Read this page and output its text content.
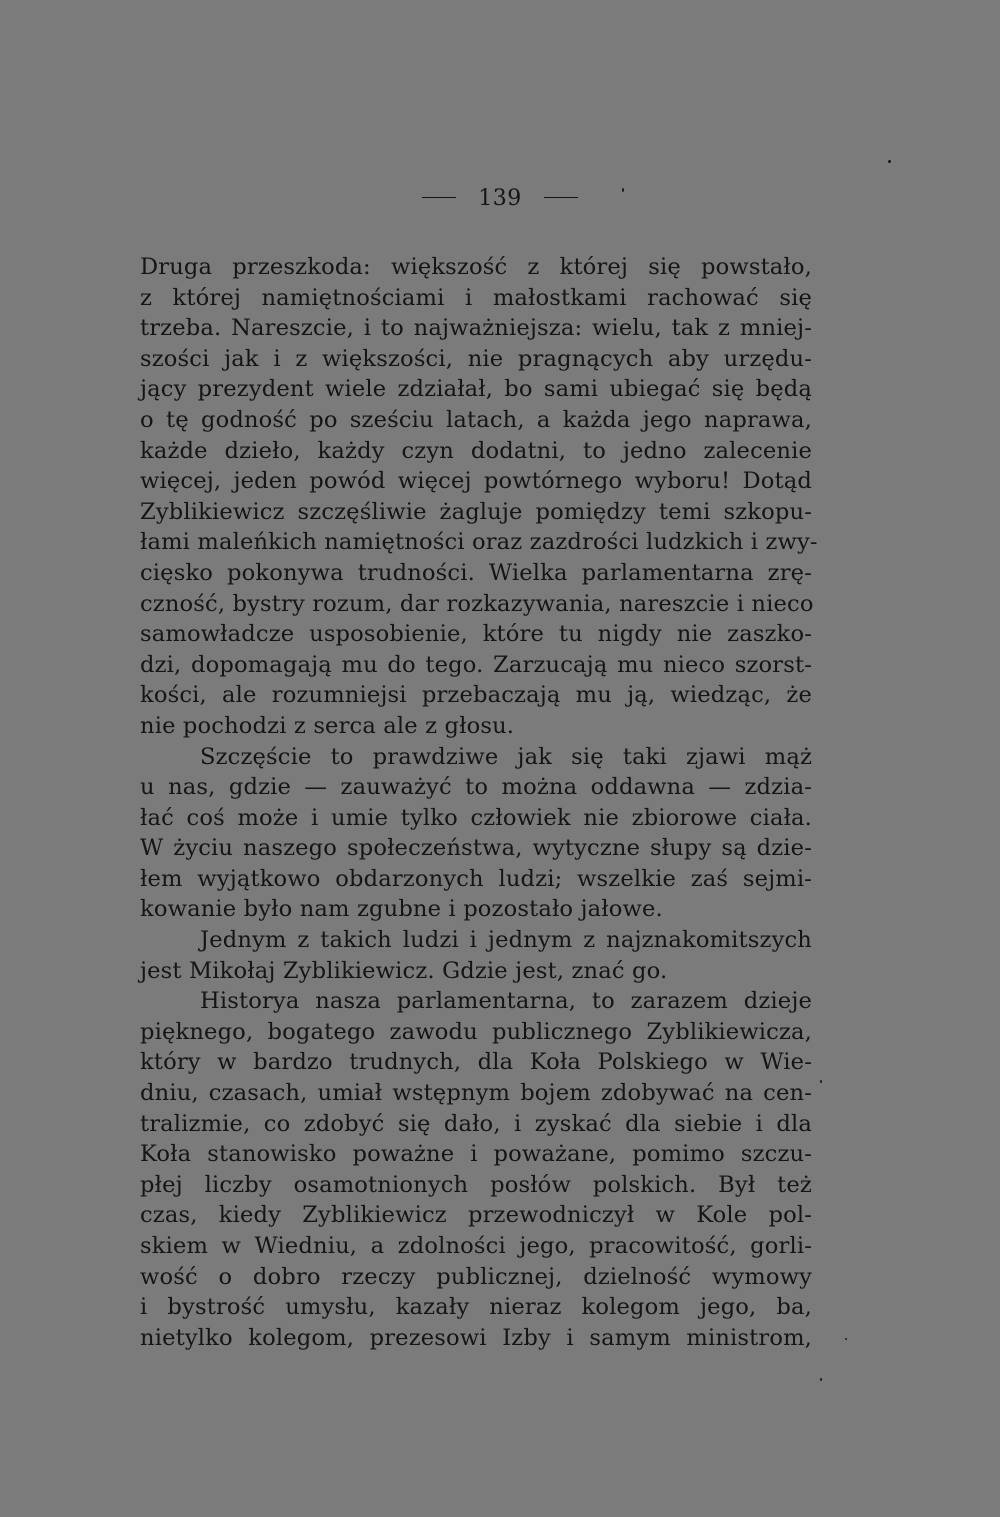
139
Druga przeszkoda: większość z której się powstało,
z której namiętnościami i małostkami rachować się
trzeba. Nareszcie, i to najważniejsza: wielu, tak z mniej-
szości jak i z większości, nie pragnących aby urzędu-
jący prezydent wiele zdziałał, bo sami ubiegać się będą
o tę godność po sześciu latach, a każda jego naprawa,
każde dzieło, każdy czyn dodatni, to jedno zalecenie
więcej, jeden powód więcej powtórnego wyboru! Dotąd
Zyblikiewicz szczęśliwie żagluje pomiędzy temi szkopu-
łami maleńkich namiętności oraz zazdrości ludzkich i zwy-
cięsko pokonywa trudności. Wielka parlamentarna zrę-
czność, bystry rozum, dar rozkazywania, nareszcie i nieco
samowładcze usposobienie, które tu nigdy nie zaszko-
dzi, dopomagają mu do tego. Zarzucają mu nieco szorst-
kości, ale rozumniejsi przebaczają mu ją, wiedząc, że
nie pochodzi z serca ale z głosu.
Szczęście to prawdziwe jak się taki zjawi mąż
u nas, gdzie — zauważyć to można oddawna — zdzia-
łać coś może i umie tylko człowiek nie zbiorowe ciała.
W życiu naszego społeczeństwa, wytyczne słupy są dzie-
łem wyjątkowo obdarzonych ludzi; wszelkie zaś sejmi-
kowanie było nam zgubne i pozostało jałowe.
Jednym z takich ludzi i jednym z najznakomitszych
jest Mikołaj Zyblikiewicz. Gdzie jest, znać go.
Historya nasza parlamentarna, to zarazem dzieje
pięknego, bogatego zawodu publicznego Zyblikiewicza,
który w bardzo trudnych, dla Koła Polskiego w Wie-
dniu, czasach, umiał wstępnym bojem zdobywać na cen-
tralizmie, co zdobyć się dało, i zyskać dla siebie i dla
Koła stanowisko poważne i poważane, pomimo szczu-
płej liczby osamotnionych posłów polskich. Był też
czas, kiedy Zyblikiewicz przewodniczył w Kole pol-
skiem w Wiedniu, a zdolności jego, pracowitość, gorli-
wość o dobro rzeczy publicznej, dzielność wymowy
i bystrość umysłu, kazały nieraz kolegom jego, ba,
nietylko kolegom, prezesowi Izby i samym ministrom,
